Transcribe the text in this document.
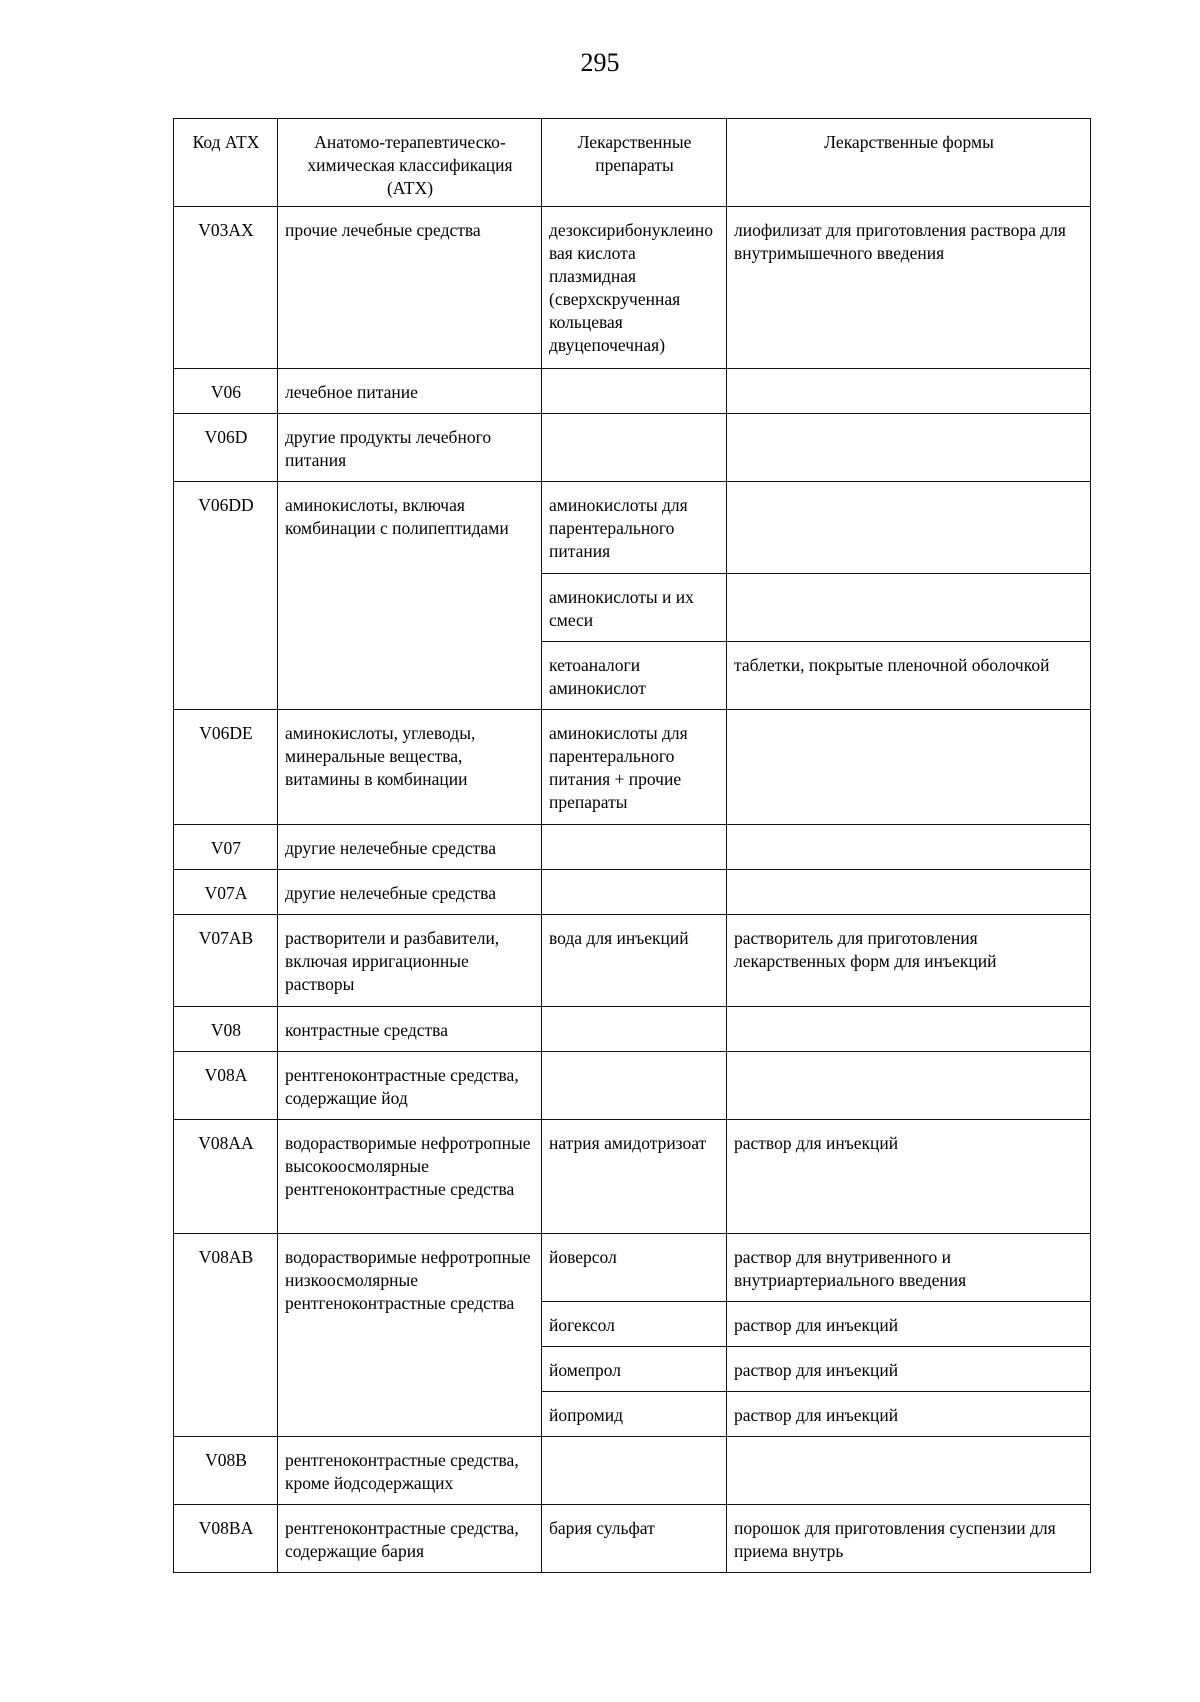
295
Код АТХ	Анатомо-терапевтическо-химическая классификация (АТХ)	Лекарственные препараты	Лекарственные формы
V03AX	прочие лечебные средства	дезоксирибонуклеиновая кислота плазмидная (сверхскрученная кольцевая двуцепочечная)	лиофилизат для приготовления раствора для внутримышечного введения
V06	лечебное питание		
V06D	другие продукты лечебного питания		
V06DD	аминокислоты, включая комбинации с полипептидами	аминокислоты для парентерального питания	
		аминокислоты и их смеси	
		кетоаналоги аминокислот	таблетки, покрытые пленочной оболочкой
V06DE	аминокислоты, углеводы, минеральные вещества, витамины в комбинации	аминокислоты для парентерального питания + прочие препараты	
V07	другие нелечебные средства		
V07A	другие нелечебные средства		
V07AB	растворители и разбавители, включая ирригационные растворы	вода для инъекций	растворитель для приготовления лекарственных форм для инъекций
V08	контрастные средства		
V08A	рентгеноконтрастные средства, содержащие йод		
V08AA	водорастворимые нефротропные высокоосмолярные рентгеноконтрастные средства	натрия амидотризоат	раствор для инъекций
V08AB	водорастворимые нефротропные низкоосмолярные рентгеноконтрастные средства	йоверсол	раствор для внутривенного и внутриартериального введения
		йогексол	раствор для инъекций
		йомепрол	раствор для инъекций
		йопромид	раствор для инъекций
V08B	рентгеноконтрастные средства, кроме йодсодержащих		
V08BA	рентгеноконтрастные средства, содержащие бария	бария сульфат	порошок для приготовления суспензии для приема внутрь
